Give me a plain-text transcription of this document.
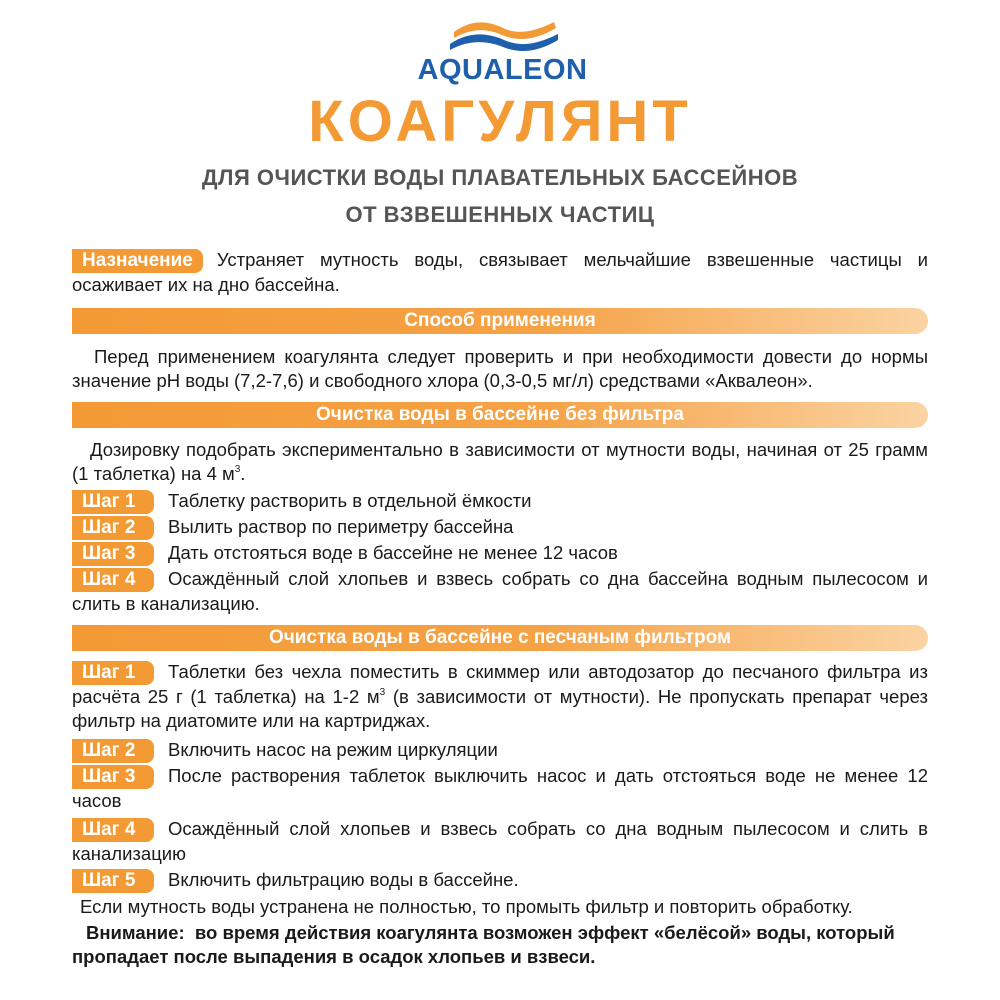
AQUALEON
КОАГУЛЯНТ
ДЛЯ ОЧИСТКИ ВОДЫ ПЛАВАТЕЛЬНЫХ БАССЕЙНОВ
ОТ ВЗВЕШЕННЫХ ЧАСТИЦ
Назначение Устраняет мутность воды, связывает мельчайшие взвешенные частицы и осаживает их на дно бассейна.
Способ применения
Перед применением коагулянта следует проверить и при необходимости довести до нормы значение pH воды (7,2-7,6) и свободного хлора (0,3-0,5 мг/л) средствами «Аквалеон».
Очистка воды в бассейне без фильтра
Дозировку подобрать экспериментально в зависимости от мутности воды, начиная от 25 грамм (1 таблетка) на 4 $м^3$.
Шаг 1 Таблетку растворить в отдельной ёмкости
Шаг 2 Вылить раствор по периметру бассейна
Шаг 3 Дать отстояться воде в бассейне не менее 12 часов
Шаг 4 Осаждённый слой хлопьев и взвесь собрать со дна бассейна водным пылесосом и слить в канализацию.
Очистка воды в бассейне с песчаным фильтром
Шаг 1 Таблетки без чехла поместить в скиммер или автодозатор до песчаного фильтра из расчёта 25 г (1 таблетка) на 1-2 $м^3$ (в зависимости от мутности). Не пропускать препарат через фильтр на диатомите или на картриджах.
Шаг 2 Включить насос на режим циркуляции
Шаг 3 После растворения таблеток выключить насос и дать отстояться воде не менее 12 часов
Шаг 4 Осаждённый слой хлопьев и взвесь собрать со дна водным пылесосом и слить в канализацию
Шаг 5 Включить фильтрацию воды в бассейне.
Если мутность воды устранена не полностью, то промыть фильтр и повторить обработку.
Внимание: во время действия коагулянта возможен эффект «белёсой» воды, который пропадает после выпадения в осадок хлопьев и взвеси.
